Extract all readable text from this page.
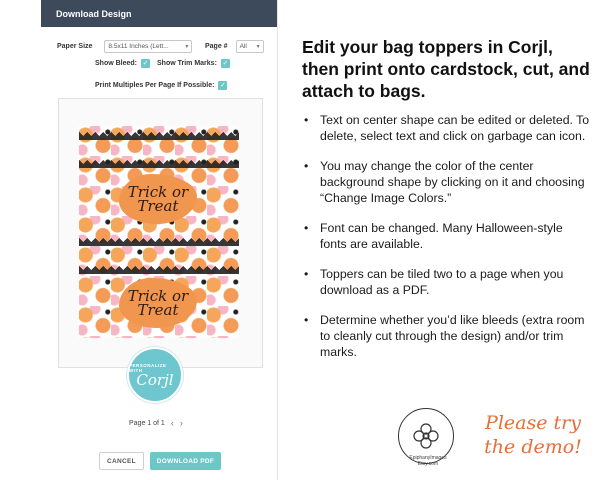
Download Design
Paper Size 8.5x11 Inches (Lett...	▾ Page # All ▾
Show Bleed: ✓ Show Trim Marks: ✓
Print Multiples Per Page If Possible: ✓
Trick or Treat
Trick or Treat
PERSONALIZE WITH
Corjl
Page 1 of 1 ‹ ›
CANCEL	DOWNLOAD PDF
Edit your bag toppers in Corjl, then print onto cardstock, cut, and attach to bags.
• Text on center shape can be edited or deleted. To delete, select text and click on garbage can icon.
• You may change the color of the center background shape by clicking on it and choosing “Change Image Colors.”
• Font can be changed. Many Halloween-style fonts are available.
• Toppers can be tiled two to a page when you download as a PDF.
• Determine whether you’d like bleeds (extra room to cleanly cut through the design) and/or trim marks.
EpiphanyImages Etsy.com
Please try the demo!
